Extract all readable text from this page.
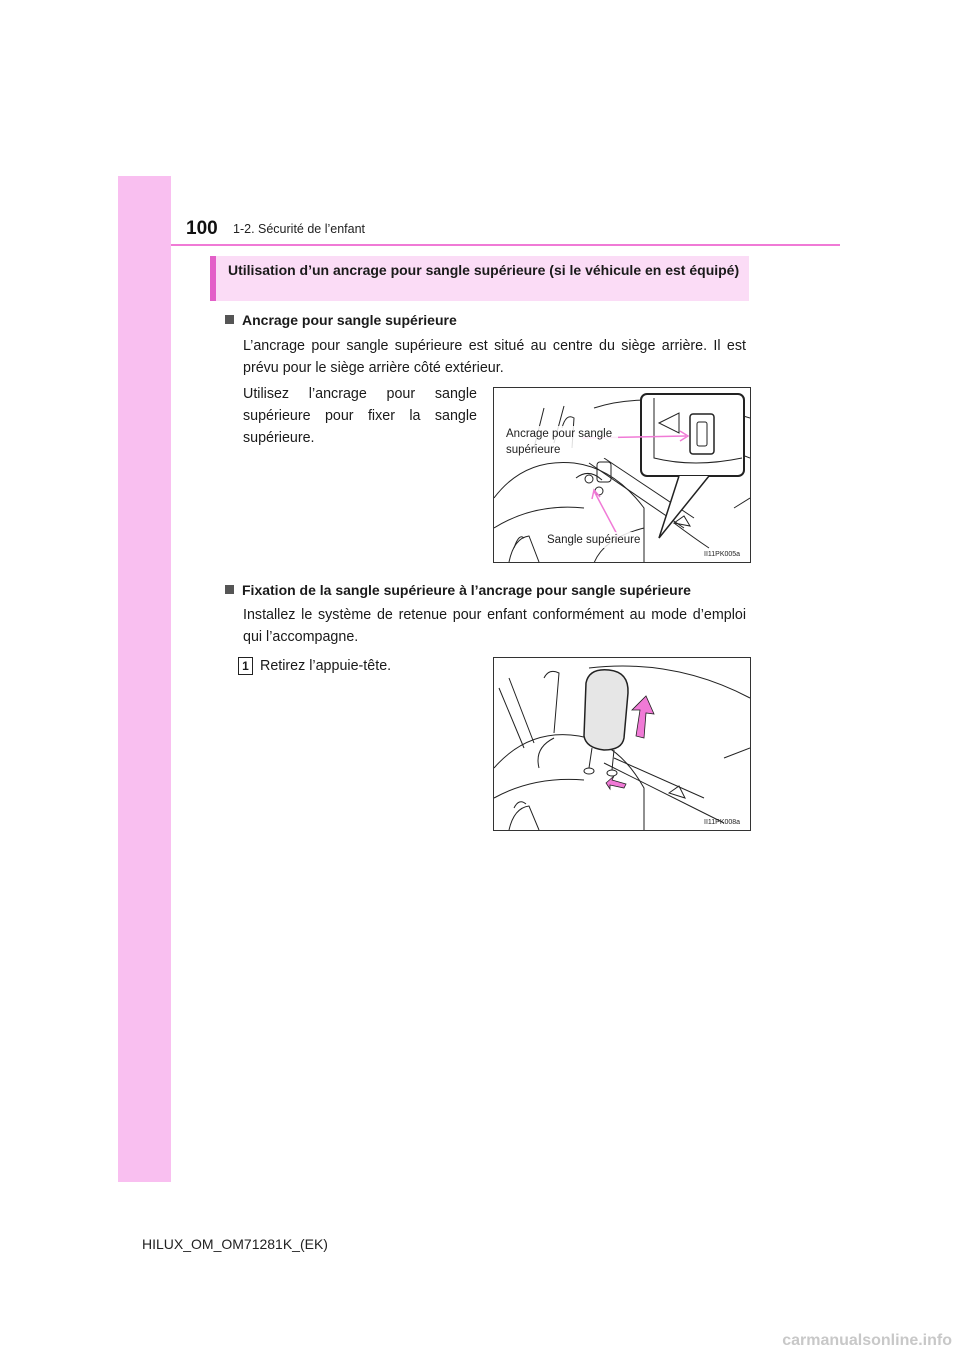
100 1-2. Sécurité de l’enfant
Utilisation d’un ancrage pour sangle supérieure (si le véhicule en est équipé)
Ancrage pour sangle supérieure
L’ancrage pour sangle supérieure est situé au centre du siège arrière. Il est prévu pour le siège arrière côté extérieur.
Utilisez l’ancrage pour sangle supérieure pour fixer la sangle supérieure.	Ancrage pour sangle supérieure
Sangle supérieure
II11PK005a
Fixation de la sangle supérieure à l’ancrage pour sangle supérieure
Installez le système de retenue pour enfant conformément au mode d’emploi qui l’accompagne.
1 Retirez l’appuie-tête.
II11PK008a
HILUX_OM_OM71281K_(EK)
carmanualsonline.info
